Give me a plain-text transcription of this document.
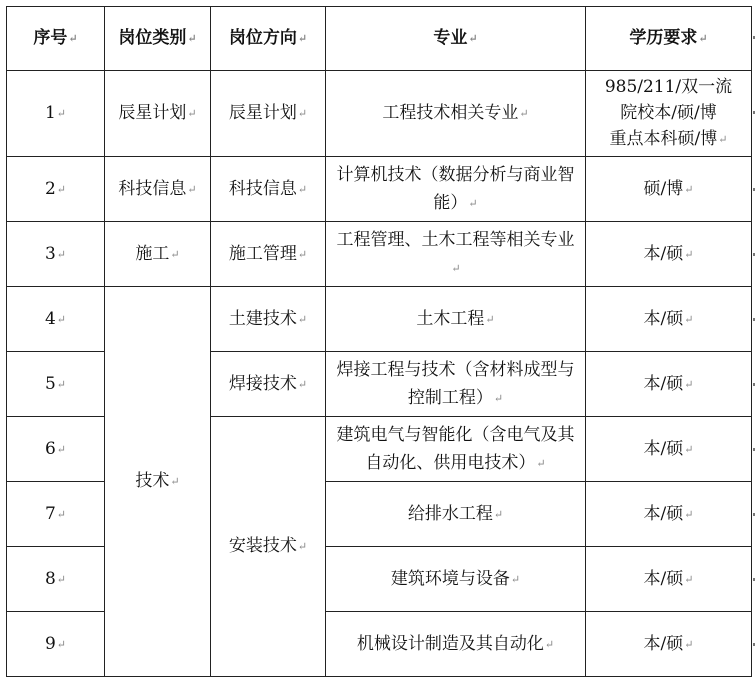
序号 ↵	岗位类别 ↵	岗位方向 ↵	专业 ↵	学历要求 ↵
1 ↵	辰星计划 ↵	辰星计划 ↵	工程技术相关专业 ↵	985/211/双一流
院校本/硕/博
重点本科硕/博 ↵

2 ↵	科技信息 ↵	科技信息 ↵	计算机技术（数据分析与商业智能） ↵	硕/博 ↵
3 ↵	施工 ↵	施工管理 ↵	工程管理、土木工程等相关专业 ↵	本/硕 ↵
4 ↵	技术 ↵	土建技术 ↵	土木工程 ↵	本/硕 ↵
5 ↵		焊接技术 ↵	焊接工程与技术（含材料成型与控制工程） ↵	本/硕 ↵
6 ↵		安装技术 ↵	建筑电气与智能化（含电气及其自动化、供用电技术） ↵	本/硕 ↵
7 ↵			给排水工程 ↵	本/硕 ↵
8 ↵			建筑环境与设备 ↵	本/硕 ↵
9 ↵			机械设计制造及其自动化 ↵	本/硕 ↵
